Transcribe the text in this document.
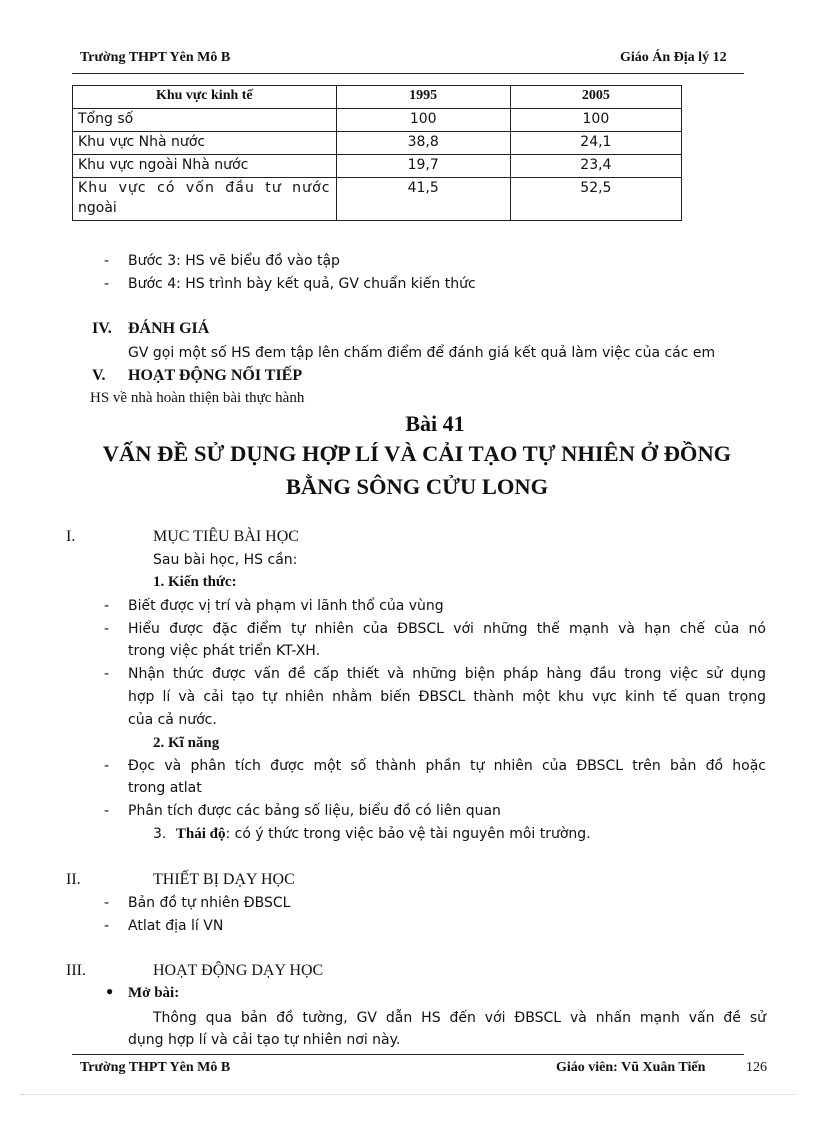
Trường THPT Yên Mô B	Giáo Án Địa lý 12
Khu vực kinh tế	1995	2005
Tổng số	100	100
Khu vực Nhà nước	38,8	24,1
Khu vực ngoài Nhà nước	19,7	23,4

Khu vực có vốn đầu tư nước
ngoài	41,5	52,5
- Bước 3: HS vẽ biểu đồ vào tập
- Bước 4: HS trình bày kết quả, GV chuẩn kiến thức
IV. ĐÁNH GIÁ
GV gọi một số HS đem tập lên chấm điểm để đánh giá kết quả làm việc của các em
V. HOẠT ĐỘNG NỐI TIẾP
HS về nhà hoàn thiện bài thực hành
Bài 41
VẤN ĐỀ SỬ DỤNG HỢP LÍ VÀ CẢI TẠO TỰ NHIÊN Ở ĐỒNG
BẰNG SÔNG CỬU LONG
I.	MỤC TIÊU BÀI HỌC
Sau bài học, HS cần:
1. Kiến thức:
- Biết được vị trí và phạm vi lãnh thổ của vùng
- Hiểu được đặc điểm tự nhiên của ĐBSCL với những thế mạnh và hạn chế của nó
trong việc phát triển KT-XH.
- Nhận thức được vấn đề cấp thiết và những biện pháp hàng đầu trong việc sử dụng
hợp lí và cải tạo tự nhiên nhằm biến ĐBSCL thành một khu vực kinh tế quan trọng
của cả nước.
2. Kĩ năng
- Đọc và phân tích được một số thành phần tự nhiên của ĐBSCL trên bản đồ hoặc
trong atlat
- Phân tích được các bảng số liệu, biểu đồ có liên quan
3. Thái độ: có ý thức trong việc bảo vệ tài nguyên môi trường.
II.	THIẾT BỊ DẠY HỌC
- Bản đồ tự nhiên ĐBSCL
- Atlat địa lí VN
III.	HOẠT ĐỘNG DẠY HỌC
● Mở bài:
Thông qua bản đồ tường, GV dẫn HS đến với ĐBSCL và nhấn mạnh vấn đề sử
dụng hợp lí và cải tạo tự nhiên nơi này.
Trường THPT Yên Mô B	Giáo viên: Vũ Xuân Tiến	126
